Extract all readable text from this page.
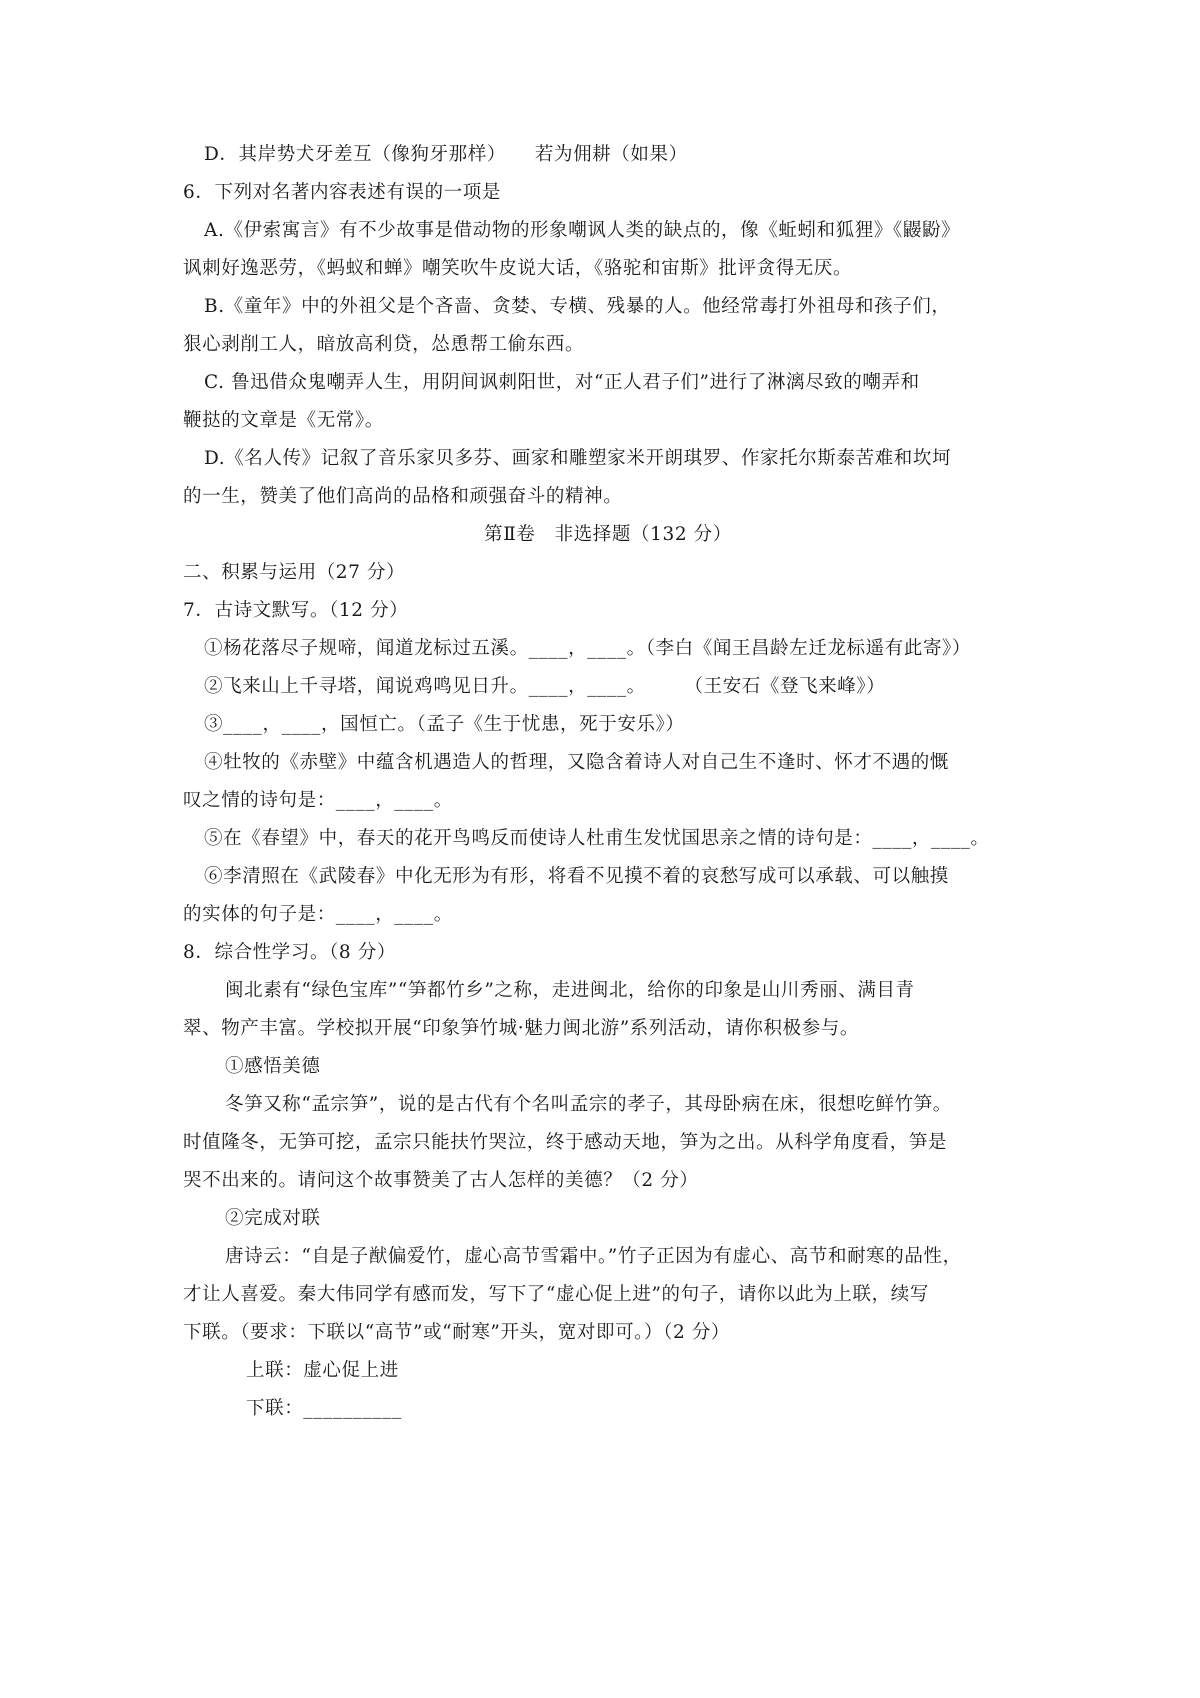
D．其岸势犬牙差互（像狗牙那样）　　若为佣耕（如果）
6．下列对名著内容表述有误的一项是
A.《伊索寓言》有不少故事是借动物的形象嘲讽人类的缺点的，像《蚯蚓和狐狸》《鼹鼢》
讽刺好逸恶劳，《蚂蚁和蝉》嘲笑吹牛皮说大话，《骆驼和宙斯》批评贪得无厌。
B.《童年》中的外祖父是个吝啬、贪婪、专横、残暴的人。他经常毒打外祖母和孩子们，
狠心剥削工人，暗放高利贷，怂恿帮工偷东西。
C. 鲁迅借众鬼嘲弄人生，用阴间讽刺阳世，对“正人君子们”进行了淋漓尽致的嘲弄和
鞭挞的文章是《无常》。
D.《名人传》记叙了音乐家贝多芬、画家和雕塑家米开朗琪罗、作家托尔斯泰苦难和坎坷
的一生，赞美了他们高尚的品格和顽强奋斗的精神。
第Ⅱ卷　非选择题（132 分）
二、积累与运用（27 分）
7．古诗文默写。（12 分）
①杨花落尽子规啼，闻道龙标过五溪。____，____。（李白《闻王昌龄左迁龙标遥有此寄》）
②飞来山上千寻塔，闻说鸡鸣见日升。____，____。　　　（王安石《登飞来峰》）
③____，____，国恒亡。（孟子《生于忧患，死于安乐》）
④牡牧的《赤壁》中蕴含机遇造人的哲理，又隐含着诗人对自己生不逢时、怀才不遇的慨
叹之情的诗句是：____，____。
⑤在《春望》中，春天的花开鸟鸣反而使诗人杜甫生发忧国思亲之情的诗句是：____，____。
⑥李清照在《武陵春》中化无形为有形，将看不见摸不着的哀愁写成可以承载、可以触摸
的实体的句子是：____，____。
8．综合性学习。（8 分）
闽北素有“绿色宝库”“笋都竹乡”之称，走进闽北，给你的印象是山川秀丽、满目青
翠、物产丰富。学校拟开展“印象笋竹城·魅力闽北游”系列活动，请你积极参与。
①感悟美德
冬笋又称“孟宗笋”，说的是古代有个名叫孟宗的孝子，其母卧病在床，很想吃鲜竹笋。
时值隆冬，无笋可挖，孟宗只能扶竹哭泣，终于感动天地，笋为之出。从科学角度看，笋是
哭不出来的。请问这个故事赞美了古人怎样的美德？（2 分）
②完成对联
唐诗云：“自是子猷偏爱竹，虚心高节雪霜中。”竹子正因为有虚心、高节和耐寒的品性，
才让人喜爱。秦大伟同学有感而发，写下了“虚心促上进”的句子，请你以此为上联，续写
下联。（要求：下联以“高节”或“耐寒”开头，宽对即可。）（2 分）
上联：虚心促上进
下联：__________
